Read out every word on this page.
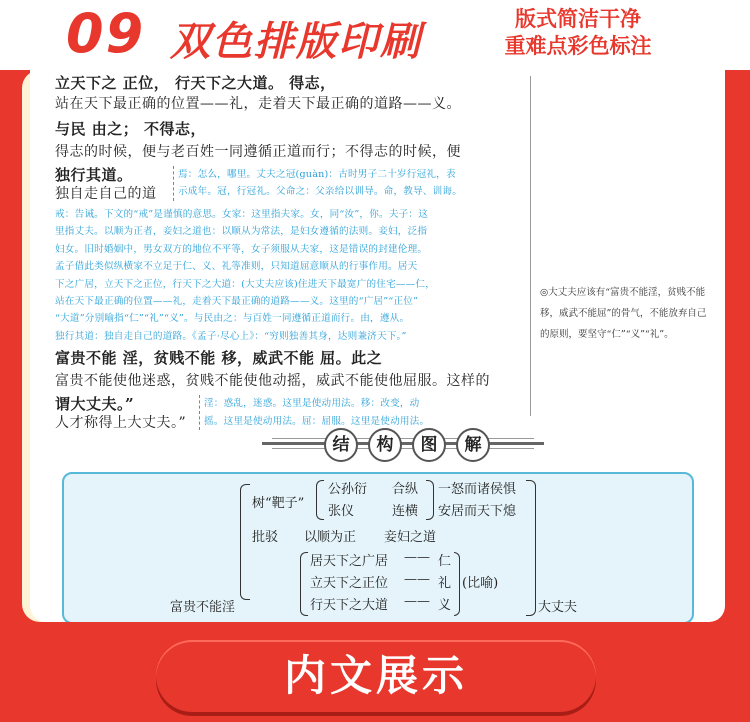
09 双色排版印刷	版式简洁干净
重难点彩色标注
立天下之 正位， 行天下之大道。 得志，
站在天下最正确的位置——礼，走着天下最正确的道路——义。
与民 由之； 不得志，
得志的时候，便与老百姓一同遵循正道而行；不得志的时候，便
独行其道。
独自走自己的道
焉：怎么，哪里。丈夫之冠(guàn)：古时男子二十岁行冠礼，表
示成年。冠，行冠礼。父命之：父亲给以训导。命，教导、训诲。
戒：告诫。下文的“戒”是谨慎的意思。女家：这里指夫家。女，同“汝”，你。夫子：这
里指丈夫。以顺为正者，妾妇之道也：以顺从为常法，是妇女遵循的法则。妾妇，泛指
妇女。旧时婚姻中，男女双方的地位不平等，女子须服从夫家，这是错误的封建伦理。
孟子借此类似纵横家不立足于仁、义、礼等准则，只知道屈意顺从的行事作用。居天
下之广居，立天下之正位，行天下之大道：(大丈夫应该)住进天下最宽广的住宅——仁，
站在天下最正确的位置——礼，走着天下最正确的道路——义。这里的“广居”“正位”
“大道”分别喻指“仁”“礼”“义”。与民由之：与百姓一同遵循正道而行。由，遵从。
独行其道：独自走自己的道路。《孟子·尽心上》：“穷则独善其身，达则兼济天下。”
富贵不能 淫，贫贱不能 移，威武不能 屈。此之
富贵不能使他迷惑，贫贱不能使他动摇，威武不能使他屈服。这样的
谓大丈夫。”
人才称得上大丈夫。”
淫：惑乱，迷惑。这里是使动用法。移：改变，动
摇。这里是使动用法。屈：屈服。这里是使动用法。
◎大丈夫应该有“富贵不能淫，贫贱不能移，威武不能屈”的骨气，不能放弃自己的原则，要坚守“仁”“义”“礼”。
结	构	图	解
树“靶子”
公孙衍 合纵
张仪	连横
一怒而诸侯惧
安居而天下熄
批驳 以顺为正 妾妇之道
富贵不能淫
居天下之广居 —— 仁
立天下之正位 —— 礼
行天下之大道 —— 义
(比喻)
大丈夫
内文展示
